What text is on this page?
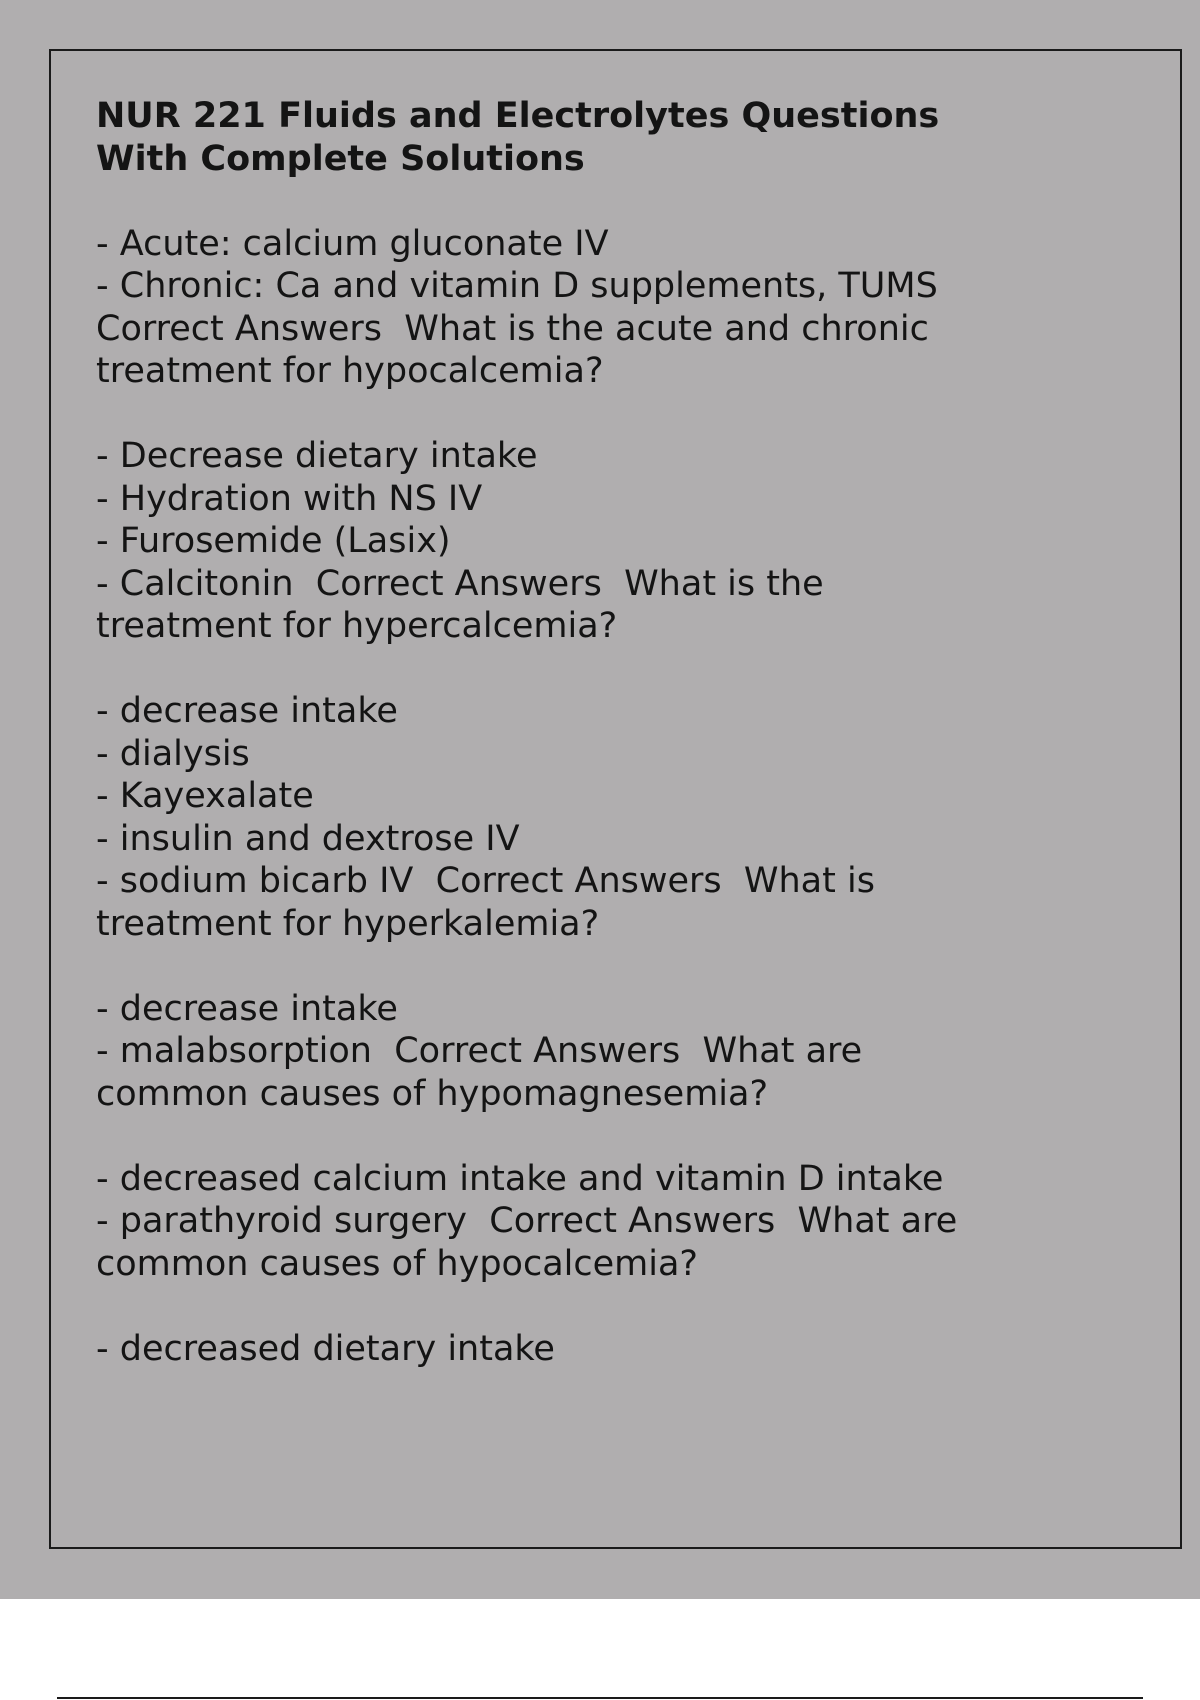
NUR 221 Fluids and Electrolytes Questions
With Complete Solutions
- Acute: calcium gluconate IV
- Chronic: Ca and vitamin D supplements, TUMS
Correct Answers  What is the acute and chronic
treatment for hypocalcemia?
- Decrease dietary intake
- Hydration with NS IV
- Furosemide (Lasix)
- Calcitonin  Correct Answers  What is the
treatment for hypercalcemia?
- decrease intake
- dialysis
- Kayexalate
- insulin and dextrose IV
- sodium bicarb IV  Correct Answers  What is
treatment for hyperkalemia?
- decrease intake
- malabsorption  Correct Answers  What are
common causes of hypomagnesemia?
- decreased calcium intake and vitamin D intake
- parathyroid surgery  Correct Answers  What are
common causes of hypocalcemia?
- decreased dietary intake
